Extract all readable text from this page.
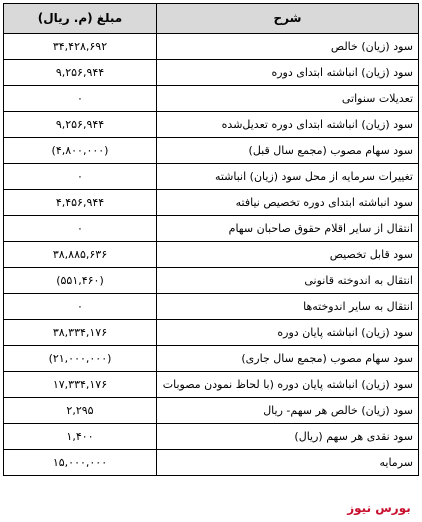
شرح	مبلغ (م. ریال)
سود (زیان) خالص	۳۴,۴۲۸,۶۹۲
سود (زیان) انباشته ابتدای دوره	۹,۲۵۶,۹۴۴
تعدیلات سنواتی	۰
سود (زیان) انباشته ابتدای دوره تعدیل‌شده	۹,۲۵۶,۹۴۴
سود سهام مصوب (مجمع سال قبل)	(۴,۸۰۰,۰۰۰)
تغییرات سرمایه از محل سود (زیان) انباشته	۰
سود انباشته ابتدای دوره تخصیص نیافته	۴,۴۵۶,۹۴۴
انتقال از سایر اقلام حقوق صاحبان سهام	۰
سود قابل تخصیص	۳۸,۸۸۵,۶۳۶
انتقال به اندوخته قانونی	(۵۵۱,۴۶۰)
انتقال به سایر اندوخته‌ها	۰
سود (زیان) انباشته پایان دوره	۳۸,۳۳۴,۱۷۶
سود سهام مصوب (مجمع سال جاری)	(۲۱,۰۰۰,۰۰۰)
سود (زیان) انباشته پایان دوره (با لحاظ نمودن مصوبات	۱۷,۳۳۴,۱۷۶
سود (زیان) خالص هر سهم- ریال	۲,۲۹۵
سود نقدی هر سهم (ریال)	۱,۴۰۰
سرمایه	۱۵,۰۰۰,۰۰۰
بورس نیوز
